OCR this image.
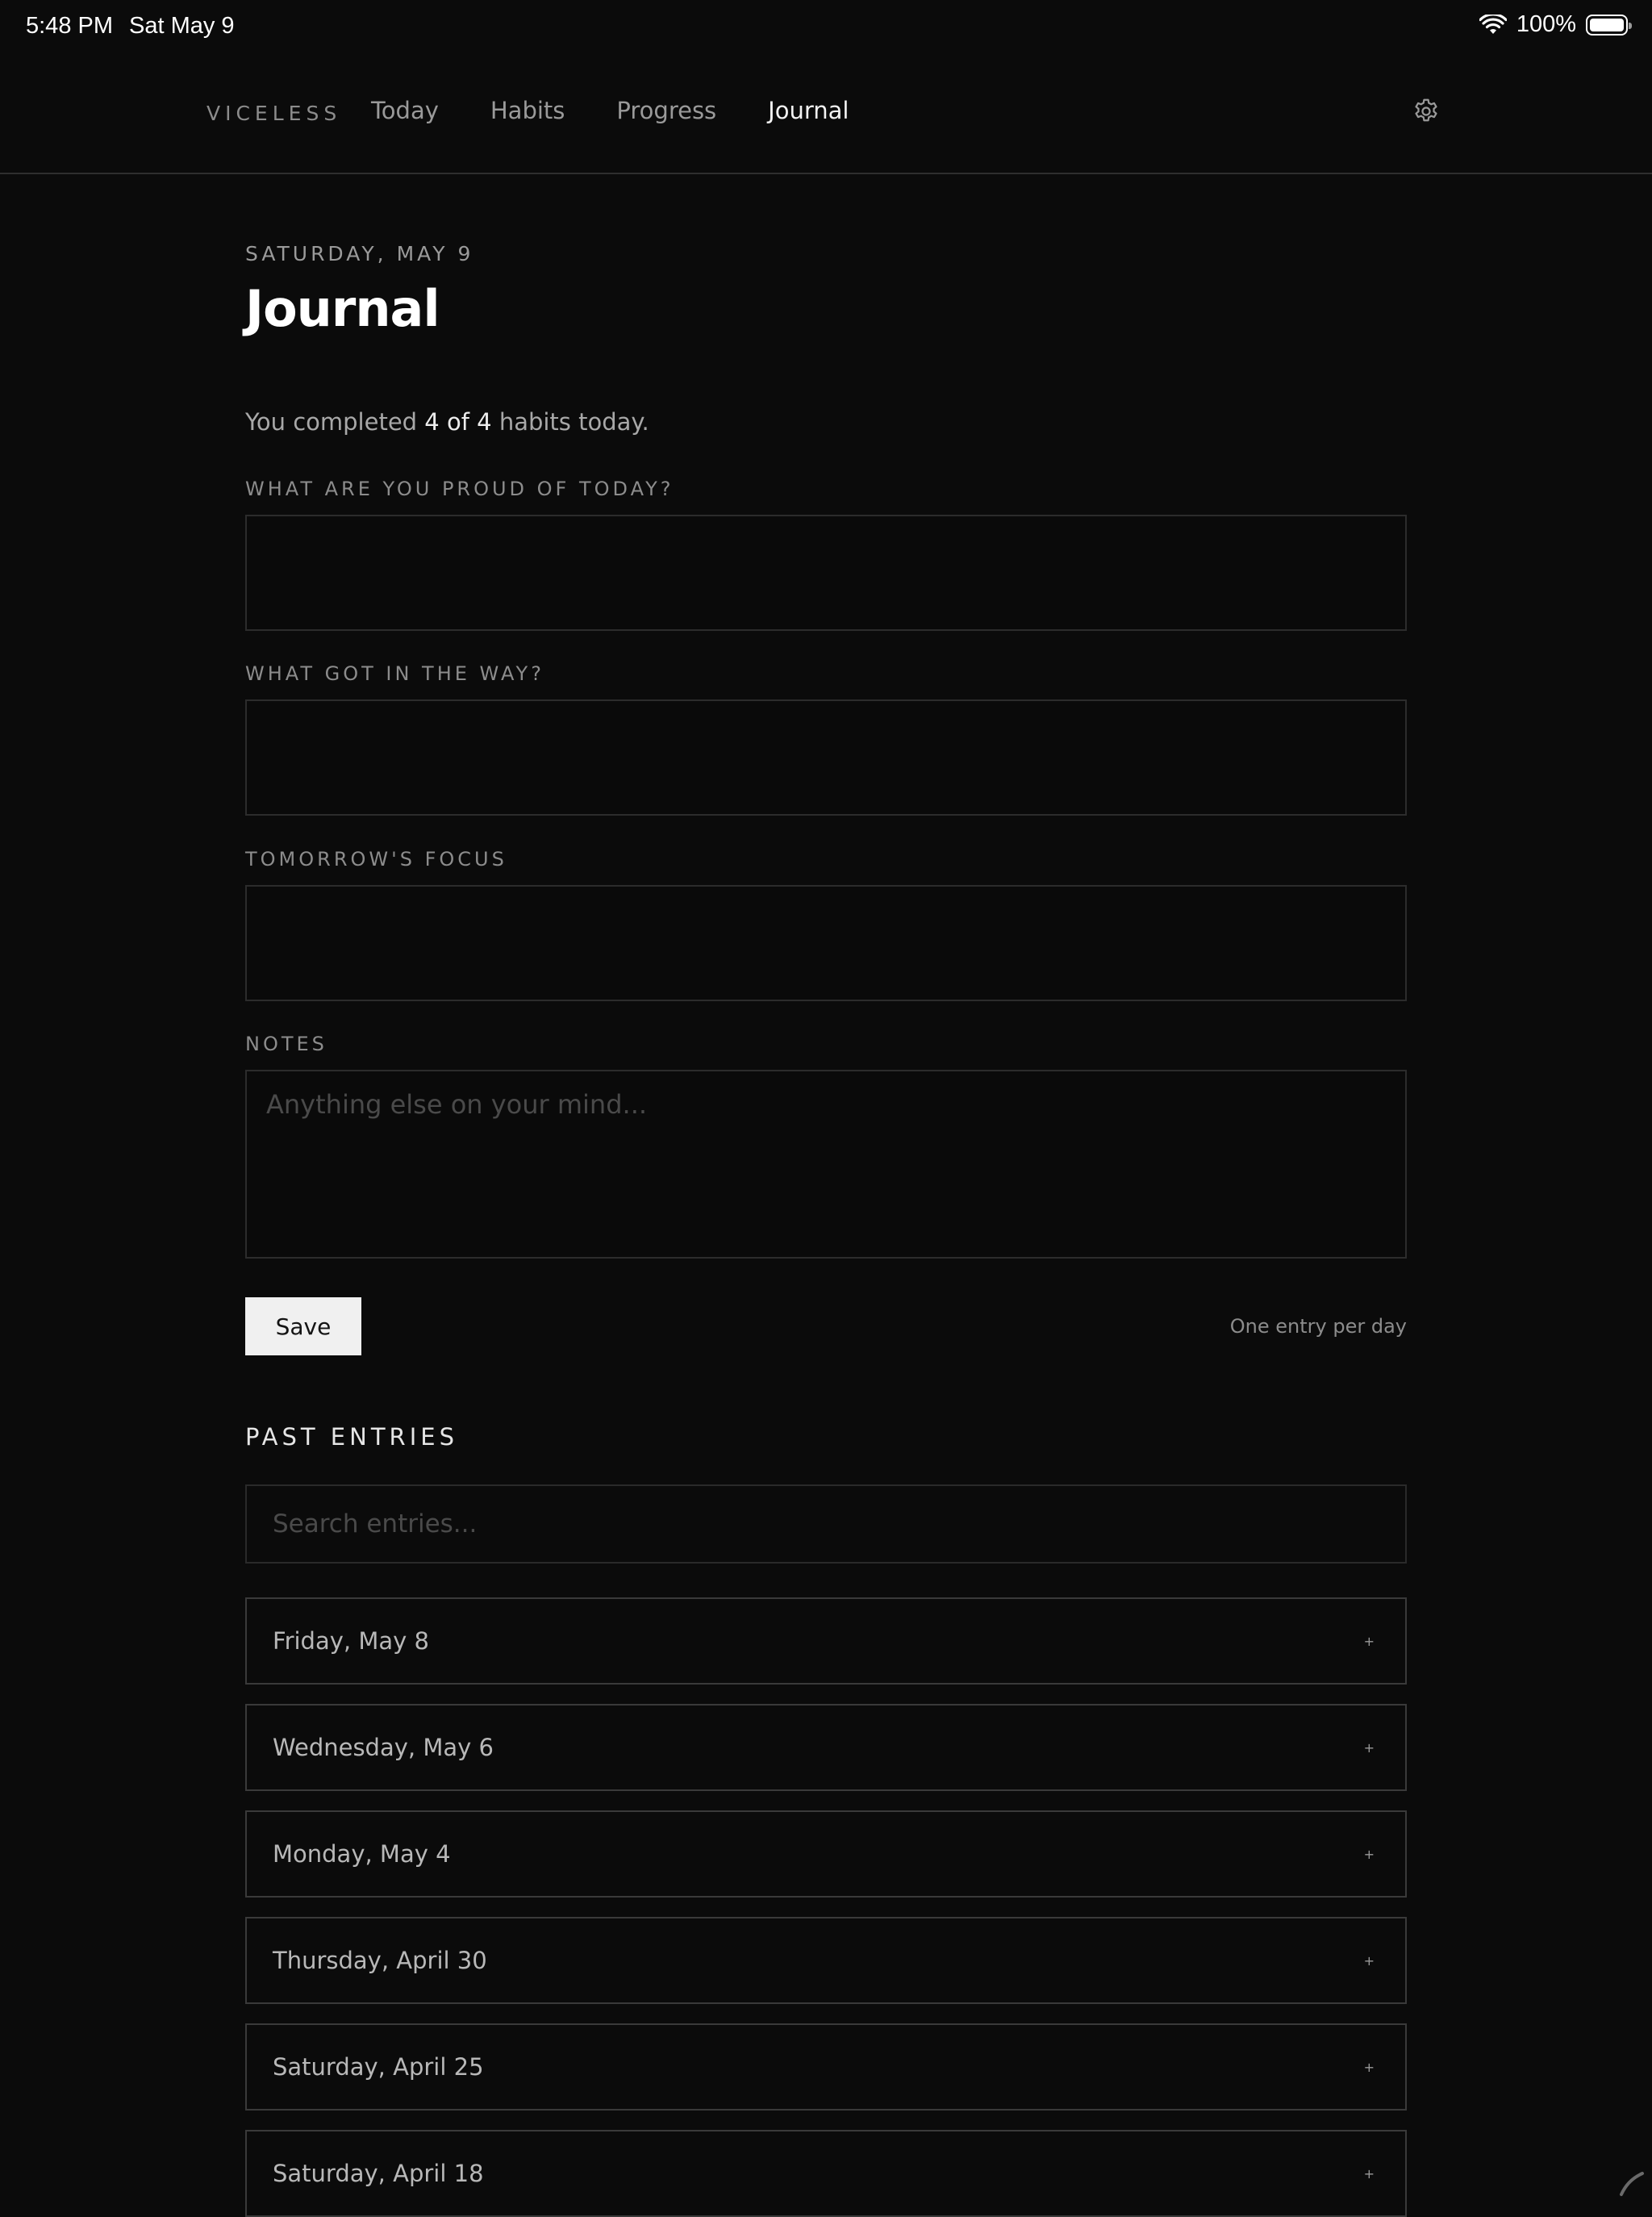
5:48 PM Sat May 9	100%
VICELESS Today Habits Progress Journal
SATURDAY, MAY 9
Journal
You completed 4 of 4 habits today.
WHAT ARE YOU PROUD OF TODAY?
WHAT GOT IN THE WAY?
TOMORROW'S FOCUS
NOTES
Anything else on your mind...
Save	One entry per day
PAST ENTRIES
Search entries...
Friday, May 8	+
Wednesday, May 6	+
Monday, May 4	+
Thursday, April 30	+
Saturday, April 25	+
Saturday, April 18	+
